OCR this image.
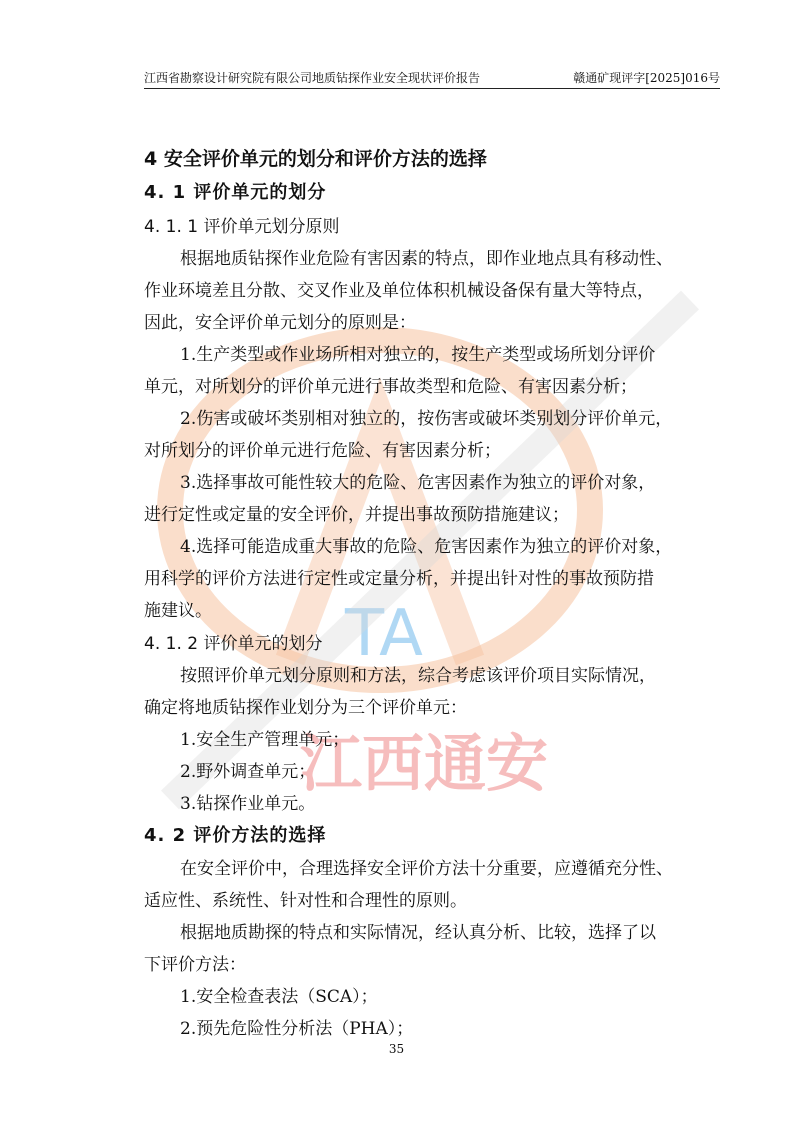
TA
江西通安
江西省勘察设计研究院有限公司地质钻探作业安全现状评价报告	赣通矿现评字[2025]016号
4 安全评价单元的划分和评价方法的选择
4. 1 评价单元的划分
4. 1. 1 评价单元划分原则
根据地质钻探作业危险有害因素的特点，即作业地点具有移动性、
作业环境差且分散、交叉作业及单位体积机械设备保有量大等特点，
因此，安全评价单元划分的原则是：
1.生产类型或作业场所相对独立的，按生产类型或场所划分评价
单元，对所划分的评价单元进行事故类型和危险、有害因素分析；
2.伤害或破坏类别相对独立的，按伤害或破坏类别划分评价单元，
对所划分的评价单元进行危险、有害因素分析；
3.选择事故可能性较大的危险、危害因素作为独立的评价对象，
进行定性或定量的安全评价，并提出事故预防措施建议；
4.选择可能造成重大事故的危险、危害因素作为独立的评价对象，
用科学的评价方法进行定性或定量分析，并提出针对性的事故预防措
施建议。
4. 1. 2 评价单元的划分
按照评价单元划分原则和方法，综合考虑该评价项目实际情况，
确定将地质钻探作业划分为三个评价单元：
1.安全生产管理单元；
2.野外调查单元；
3.钻探作业单元。
4. 2 评价方法的选择
在安全评价中，合理选择安全评价方法十分重要，应遵循充分性、
适应性、系统性、针对性和合理性的原则。
根据地质勘探的特点和实际情况，经认真分析、比较，选择了以
下评价方法：
1.安全检查表法（SCA）；
2.预先危险性分析法（PHA）；
35
